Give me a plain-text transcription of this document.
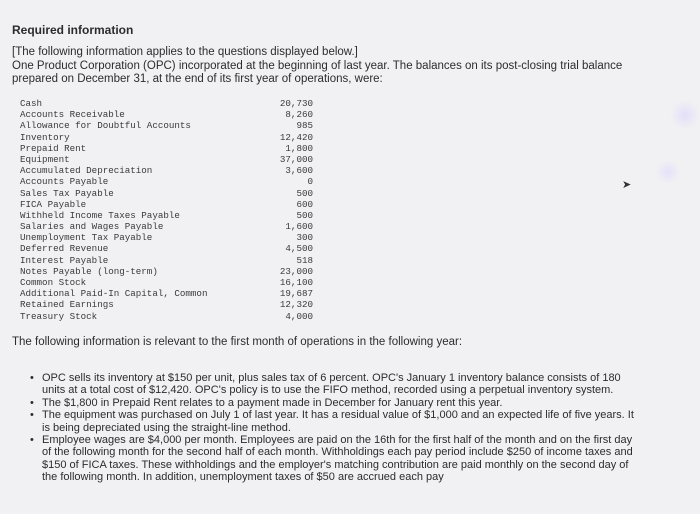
Required information
[The following information applies to the questions displayed below.]
One Product Corporation (OPC) incorporated at the beginning of last year. The balances on its post-closing trial balance prepared on December 31, at the end of its first year of operations, were:
Cash	20,730
Accounts Receivable	8,260
Allowance for Doubtful Accounts	985
Inventory	12,420
Prepaid Rent	1,800
Equipment	37,000
Accumulated Depreciation	3,600
Accounts Payable	0
Sales Tax Payable	500
FICA Payable	600
Withheld Income Taxes Payable	500
Salaries and Wages Payable	1,600
Unemployment Tax Payable	300
Deferred Revenue	4,500
Interest Payable	518
Notes Payable (long-term)	23,000
Common Stock	16,100
Additional Paid-In Capital, Common	19,687
Retained Earnings	12,320
Treasury Stock	4,000
The following information is relevant to the first month of operations in the following year:
• OPC sells its inventory at $150 per unit, plus sales tax of 6 percent. OPC's January 1 inventory balance consists of 180 units at a total cost of $12,420. OPC's policy is to use the FIFO method, recorded using a perpetual inventory system.
• The $1,800 in Prepaid Rent relates to a payment made in December for January rent this year.
• The equipment was purchased on July 1 of last year. It has a residual value of $1,000 and an expected life of five years. It is being depreciated using the straight-line method.
• Employee wages are $4,000 per month. Employees are paid on the 16th for the first half of the month and on the first day of the following month for the second half of each month. Withholdings each pay period include $250 of income taxes and $150 of FICA taxes. These withholdings and the employer's matching contribution are paid monthly on the second day of the following month. In addition, unemployment taxes of $50 are accrued each pay
➤
